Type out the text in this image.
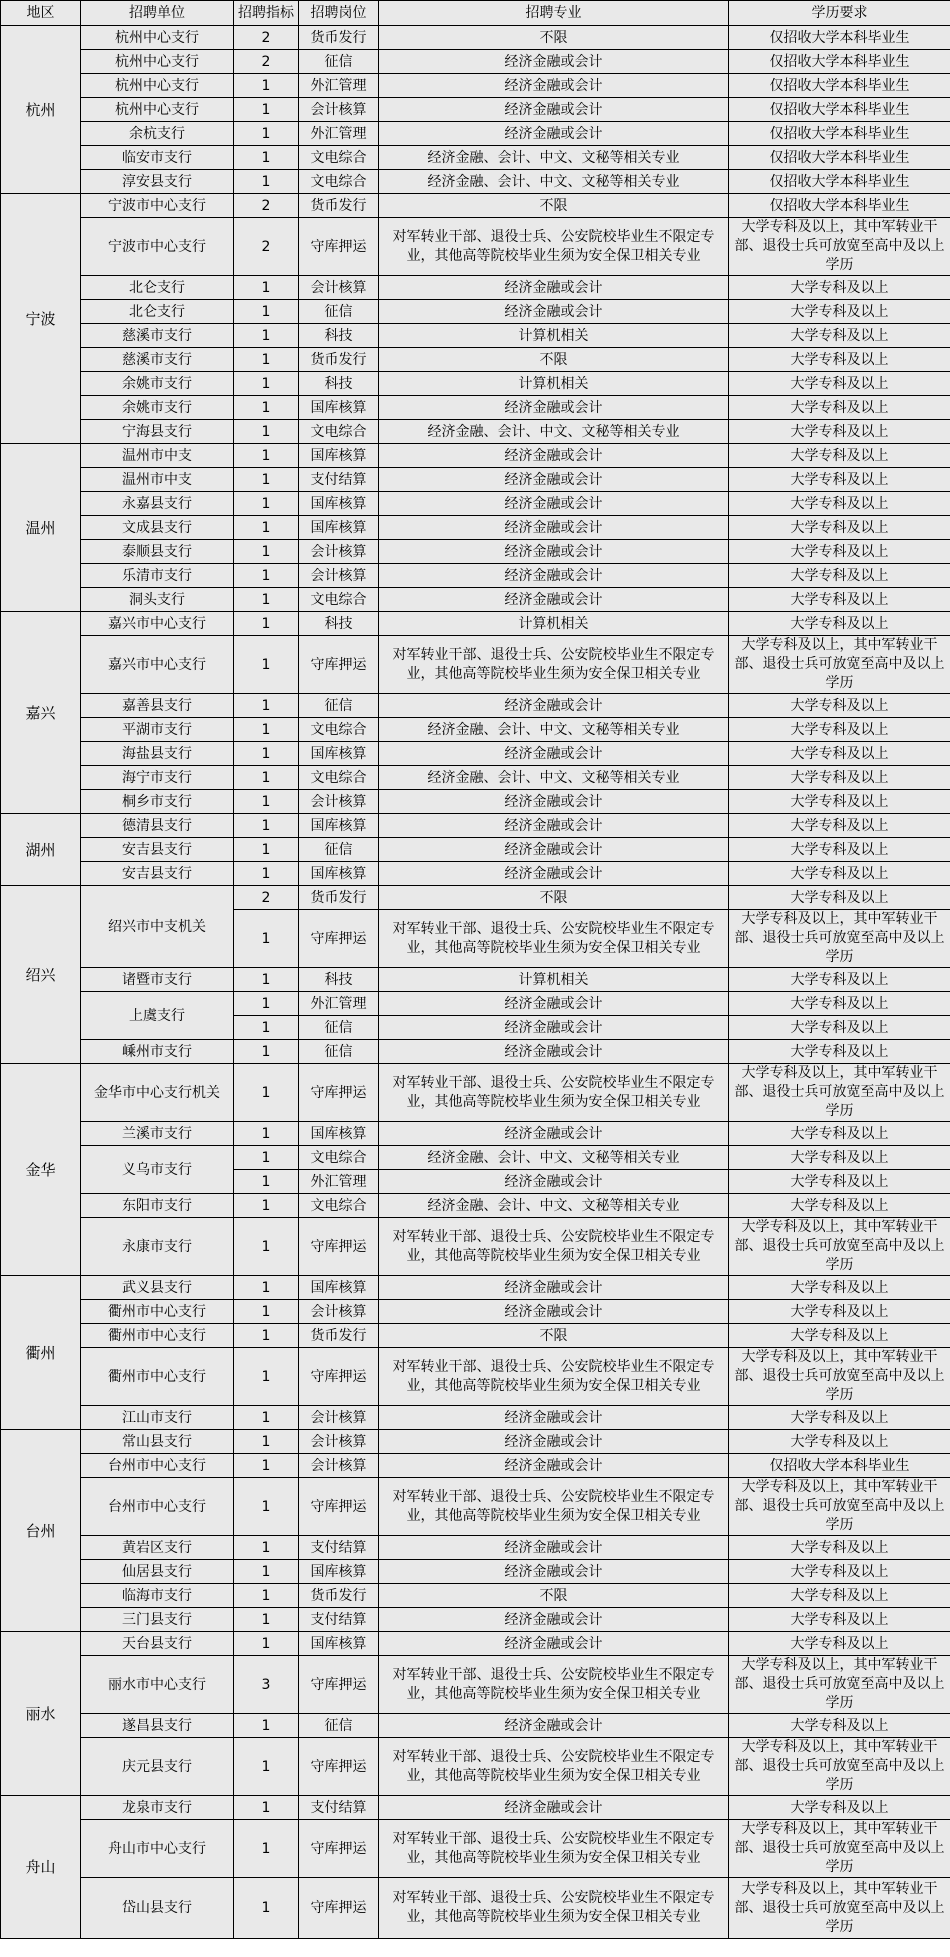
地区	招聘单位	招聘指标	招聘岗位	招聘专业	学历要求
杭州	杭州中心支行	2	货币发行	不限	仅招收大学本科毕业生
	杭州中心支行	2	征信	经济金融或会计	仅招收大学本科毕业生
	杭州中心支行	1	外汇管理	经济金融或会计	仅招收大学本科毕业生
	杭州中心支行	1	会计核算	经济金融或会计	仅招收大学本科毕业生
	余杭支行	1	外汇管理	经济金融或会计	仅招收大学本科毕业生
	临安市支行	1	文电综合	经济金融、会计、中文、文秘等相关专业	仅招收大学本科毕业生
	淳安县支行	1	文电综合	经济金融、会计、中文、文秘等相关专业	仅招收大学本科毕业生
宁波	宁波市中心支行	2	货币发行	不限	仅招收大学本科毕业生
	宁波市中心支行	2	守库押运	对军转业干部、退役士兵、公安院校毕业生不限定专业，其他高等院校毕业生须为安全保卫相关专业	大学专科及以上，其中军转业干部、退役士兵可放宽至高中及以上学历
	北仑支行	1	会计核算	经济金融或会计	大学专科及以上
	北仑支行	1	征信	经济金融或会计	大学专科及以上
	慈溪市支行	1	科技	计算机相关	大学专科及以上
	慈溪市支行	1	货币发行	不限	大学专科及以上
	余姚市支行	1	科技	计算机相关	大学专科及以上
	余姚市支行	1	国库核算	经济金融或会计	大学专科及以上
	宁海县支行	1	文电综合	经济金融、会计、中文、文秘等相关专业	大学专科及以上
温州	温州市中支	1	国库核算	经济金融或会计	大学专科及以上
	温州市中支	1	支付结算	经济金融或会计	大学专科及以上
	永嘉县支行	1	国库核算	经济金融或会计	大学专科及以上
	文成县支行	1	国库核算	经济金融或会计	大学专科及以上
	泰顺县支行	1	会计核算	经济金融或会计	大学专科及以上
	乐清市支行	1	会计核算	经济金融或会计	大学专科及以上
	洞头支行	1	文电综合	经济金融或会计	大学专科及以上
嘉兴	嘉兴市中心支行	1	科技	计算机相关	大学专科及以上
	嘉兴市中心支行	1	守库押运	对军转业干部、退役士兵、公安院校毕业生不限定专业，其他高等院校毕业生须为安全保卫相关专业	大学专科及以上，其中军转业干部、退役士兵可放宽至高中及以上学历
	嘉善县支行	1	征信	经济金融或会计	大学专科及以上
	平湖市支行	1	文电综合	经济金融、会计、中文、文秘等相关专业	大学专科及以上
	海盐县支行	1	国库核算	经济金融或会计	大学专科及以上
	海宁市支行	1	文电综合	经济金融、会计、中文、文秘等相关专业	大学专科及以上
	桐乡市支行	1	会计核算	经济金融或会计	大学专科及以上
湖州	德清县支行	1	国库核算	经济金融或会计	大学专科及以上
	安吉县支行	1	征信	经济金融或会计	大学专科及以上
	安吉县支行	1	国库核算	经济金融或会计	大学专科及以上
绍兴	绍兴市中支机关	2	货币发行	不限	大学专科及以上
		1	守库押运	对军转业干部、退役士兵、公安院校毕业生不限定专业，其他高等院校毕业生须为安全保卫相关专业	大学专科及以上，其中军转业干部、退役士兵可放宽至高中及以上学历
	诸暨市支行	1	科技	计算机相关	大学专科及以上
	上虞支行	1	外汇管理	经济金融或会计	大学专科及以上
		1	征信	经济金融或会计	大学专科及以上
	嵊州市支行	1	征信	经济金融或会计	大学专科及以上
金华	金华市中心支行机关	1	守库押运	对军转业干部、退役士兵、公安院校毕业生不限定专业，其他高等院校毕业生须为安全保卫相关专业	大学专科及以上，其中军转业干部、退役士兵可放宽至高中及以上学历
	兰溪市支行	1	国库核算	经济金融或会计	大学专科及以上
	义乌市支行	1	文电综合	经济金融、会计、中文、文秘等相关专业	大学专科及以上
		1	外汇管理	经济金融或会计	大学专科及以上
	东阳市支行	1	文电综合	经济金融、会计、中文、文秘等相关专业	大学专科及以上
	永康市支行	1	守库押运	对军转业干部、退役士兵、公安院校毕业生不限定专业，其他高等院校毕业生须为安全保卫相关专业	大学专科及以上，其中军转业干部、退役士兵可放宽至高中及以上学历
衢州	武义县支行	1	国库核算	经济金融或会计	大学专科及以上
	衢州市中心支行	1	会计核算	经济金融或会计	大学专科及以上
	衢州市中心支行	1	货币发行	不限	大学专科及以上
	衢州市中心支行	1	守库押运	对军转业干部、退役士兵、公安院校毕业生不限定专业，其他高等院校毕业生须为安全保卫相关专业	大学专科及以上，其中军转业干部、退役士兵可放宽至高中及以上学历
	江山市支行	1	会计核算	经济金融或会计	大学专科及以上
台州	常山县支行	1	会计核算	经济金融或会计	大学专科及以上
	台州市中心支行	1	会计核算	经济金融或会计	仅招收大学本科毕业生
	台州市中心支行	1	守库押运	对军转业干部、退役士兵、公安院校毕业生不限定专业，其他高等院校毕业生须为安全保卫相关专业	大学专科及以上，其中军转业干部、退役士兵可放宽至高中及以上学历
	黄岩区支行	1	支付结算	经济金融或会计	大学专科及以上
	仙居县支行	1	国库核算	经济金融或会计	大学专科及以上
	临海市支行	1	货币发行	不限	大学专科及以上
	三门县支行	1	支付结算	经济金融或会计	大学专科及以上
丽水	天台县支行	1	国库核算	经济金融或会计	大学专科及以上
	丽水市中心支行	3	守库押运	对军转业干部、退役士兵、公安院校毕业生不限定专业，其他高等院校毕业生须为安全保卫相关专业	大学专科及以上，其中军转业干部、退役士兵可放宽至高中及以上学历
	遂昌县支行	1	征信	经济金融或会计	大学专科及以上
	庆元县支行	1	守库押运	对军转业干部、退役士兵、公安院校毕业生不限定专业，其他高等院校毕业生须为安全保卫相关专业	大学专科及以上，其中军转业干部、退役士兵可放宽至高中及以上学历
舟山	龙泉市支行	1	支付结算	经济金融或会计	大学专科及以上
	舟山市中心支行	1	守库押运	对军转业干部、退役士兵、公安院校毕业生不限定专业，其他高等院校毕业生须为安全保卫相关专业	大学专科及以上，其中军转业干部、退役士兵可放宽至高中及以上学历
	岱山县支行	1	守库押运	对军转业干部、退役士兵、公安院校毕业生不限定专业，其他高等院校毕业生须为安全保卫相关专业	大学专科及以上，其中军转业干部、退役士兵可放宽至高中及以上学历
